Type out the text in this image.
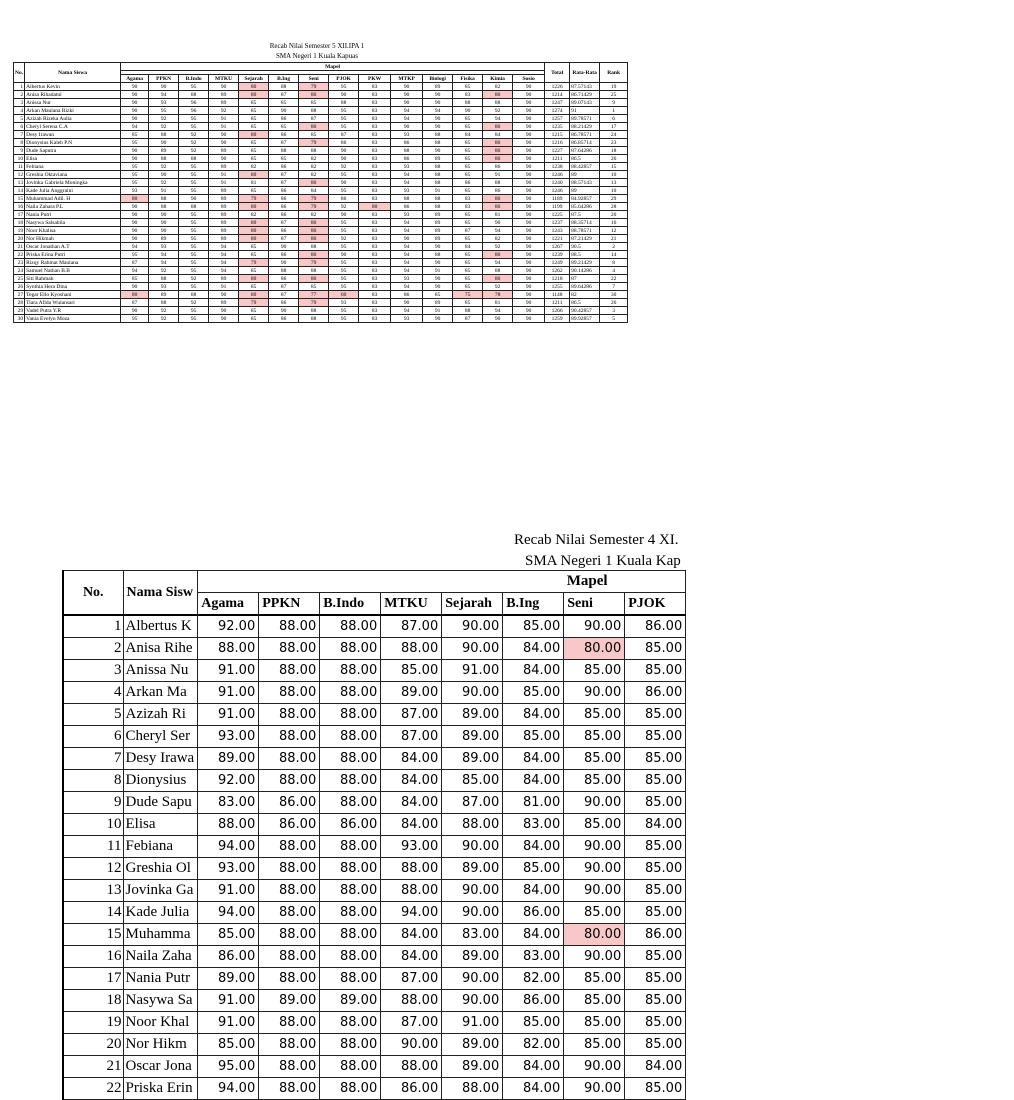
Recab Nilai Semester 5 XII.IPA 1
SMA Negeri 1 Kuala Kapuas
No.	Nama Siswa	Mapel														Total	Rata-Rata	Rank

		Agama	PPKN	B.Indo	MTKU	Sejarah	B.Ing	Seni	PJOK	PKW	MTKP	Biologi	Fisika	Kimia	Sosio			
1	Albertus Kevin	90	90	95	90	80	88	79	95	83	90	89	85	82	90	1226	87.57143	19
2	Anisa Rihadatul	90	94	88	89	80	87	80	90	83	90	90	83	80	90	1214	86.71429	25
3	Anissa Nur	90	93	96	89	85	85	85	88	83	90	90	88	88	90	1247	89.07143	9
4	Arkan Maulana Rizki	90	95	96	92	85	90	88	95	83	94	94	90	92	90	1274	91	1
5	Azizah Rizeka Aulia	90	92	95	91	85	86	87	95	83	94	90	85	94	90	1257	89.78571	6
6	Cheryl Serena C.A	94	92	95	91	85	85	80	95	83	90	90	85	80	90	1235	88.21429	17
7	Desy Irawan	85	88	92	90	80	86	85	87	83	93	88	84	84	90	1215	86.78571	24
8	Dionysius Kaleb P.N	95	90	92	90	85	87	79	86	83	86	88	85	80	90	1216	86.85714	23
9	Dude Saputra	90	89	92	89	85	88	88	90	83	88	90	85	80	90	1227	87.64286	18
10	Elisa	90	88	88	90	85	85	82	90	83	86	89	85	80	90	1211	86.5	26
11	Febiana	95	92	95	89	82	86	82	92	83	93	88	85	86	90	1238	88.42857	15
12	Greshia Oktaviana	95	90	95	91	80	87	82	95	83	94	88	85	91	90	1246	89	10
13	Jovinka Gabriela Moningka	95	92	95	91	81	87	80	90	83	94	88	86	88	90	1240	88.57143	13
14	Kade Julia Anggraini	93	91	95	89	85	86	84	95	83	93	91	85	86	90	1246	89	10
15	Muhammad Adil. H	80	88	90	89	79	86	79	86	83	88	88	83	80	90	1189	84.92857	29
16	Naila Zahara P.L	90	88	88	89	80	86	79	92	80	86	88	83	80	90	1199	85.64286	28
17	Nania Putri	90	90	95	89	82	86	82	90	83	93	89	85	81	90	1225	87.5	20
18	Nasywa Salsabila	90	90	95	89	80	87	80	95	83	94	89	85	90	90	1237	88.35714	16
19	Noor Khalisa	90	90	95	89	80	86	80	95	83	94	89	87	94	90	1243	88.78571	12
20	Nor Hikmah	90	89	95	89	80	87	80	92	83	90	89	85	82	90	1221	87.21429	21
21	Oscar Jonathan A.T	94	93	95	94	85	90	88	95	83	94	90	84	92	90	1267	90.5	2
22	Priska Erina Putri	95	94	95	94	85	86	80	90	83	94	88	85	80	90	1239	88.5	14
23	Rizqy Rahmat Maulana	87	94	95	94	79	90	79	95	83	94	90	85	94	90	1249	89.21429	8
24	Samuel Nathan B.B	94	92	95	94	85	88	88	95	83	94	91	85	88	90	1262	90.14286	4
25	Siti Rahmah	85	88	92	89	80	86	80	95	83	93	90	85	80	90	1218	87	22
26	Synthia Hera Dina	90	93	95	91	85	87	85	95	83	94	90	85	92	90	1255	89.64286	7
27	Tegar Ello Kyoshani	80	89	88	90	80	87	77	60	83	86	85	75	78	90	1148	82	30
28	Tiara Afida Wulansari	87	88	92	89	79	86	79	93	83	90	89	85	81	90	1211	86.5	26
29	Vadel Putra Y.R	90	92	95	90	85	90	88	95	83	94	91	88	94	90	1266	90.42857	3
30	Vania Evelyn Moza	95	92	95	90	85	86	88	95	83	93	90	87	90	90	1259	89.92857	5
Recab Nilai Semester 4 XI.
SMA Negeri 1 Kuala Kap
No.	Nama Sisw							Mapel	
		Agama	PPKN	B.Indo	MTKU	Sejarah	B.Ing	Seni	PJOK
1	Albertus K	92.00	88.00	88.00	87.00	90.00	85.00	90.00	86.00
2	Anisa Rihe	88.00	88.00	88.00	88.00	90.00	84.00	80.00	85.00
3	Anissa Nu	91.00	88.00	88.00	85.00	91.00	84.00	85.00	85.00
4	Arkan Ma	91.00	88.00	88.00	89.00	90.00	85.00	90.00	86.00
5	Azizah Ri	91.00	88.00	88.00	87.00	89.00	84.00	85.00	85.00
6	Cheryl Ser	93.00	88.00	88.00	87.00	89.00	85.00	85.00	85.00
7	Desy Irawa	89.00	88.00	88.00	84.00	89.00	84.00	85.00	85.00
8	Dionysius	92.00	88.00	88.00	84.00	85.00	84.00	85.00	85.00
9	Dude Sapu	83.00	86.00	88.00	84.00	87.00	81.00	90.00	85.00
10	Elisa	88.00	86.00	86.00	84.00	88.00	83.00	85.00	84.00
11	Febiana	94.00	88.00	88.00	93.00	90.00	84.00	90.00	85.00
12	Greshia Ol	93.00	88.00	88.00	88.00	89.00	85.00	90.00	85.00
13	Jovinka Ga	91.00	88.00	88.00	88.00	90.00	84.00	90.00	85.00
14	Kade Julia	94.00	88.00	88.00	94.00	90.00	86.00	85.00	85.00
15	Muhamma	85.00	88.00	88.00	84.00	83.00	84.00	80.00	86.00
16	Naila Zaha	86.00	88.00	88.00	84.00	89.00	83.00	90.00	85.00
17	Nania Putr	89.00	88.00	88.00	87.00	90.00	82.00	85.00	85.00
18	Nasywa Sa	91.00	89.00	89.00	88.00	90.00	86.00	85.00	85.00
19	Noor Khal	91.00	88.00	88.00	87.00	91.00	85.00	85.00	85.00
20	Nor Hikm	85.00	88.00	88.00	90.00	89.00	82.00	85.00	85.00
21	Oscar Jona	95.00	88.00	88.00	88.00	89.00	84.00	90.00	84.00
22	Priska Erin	94.00	88.00	88.00	86.00	88.00	84.00	90.00	85.00
